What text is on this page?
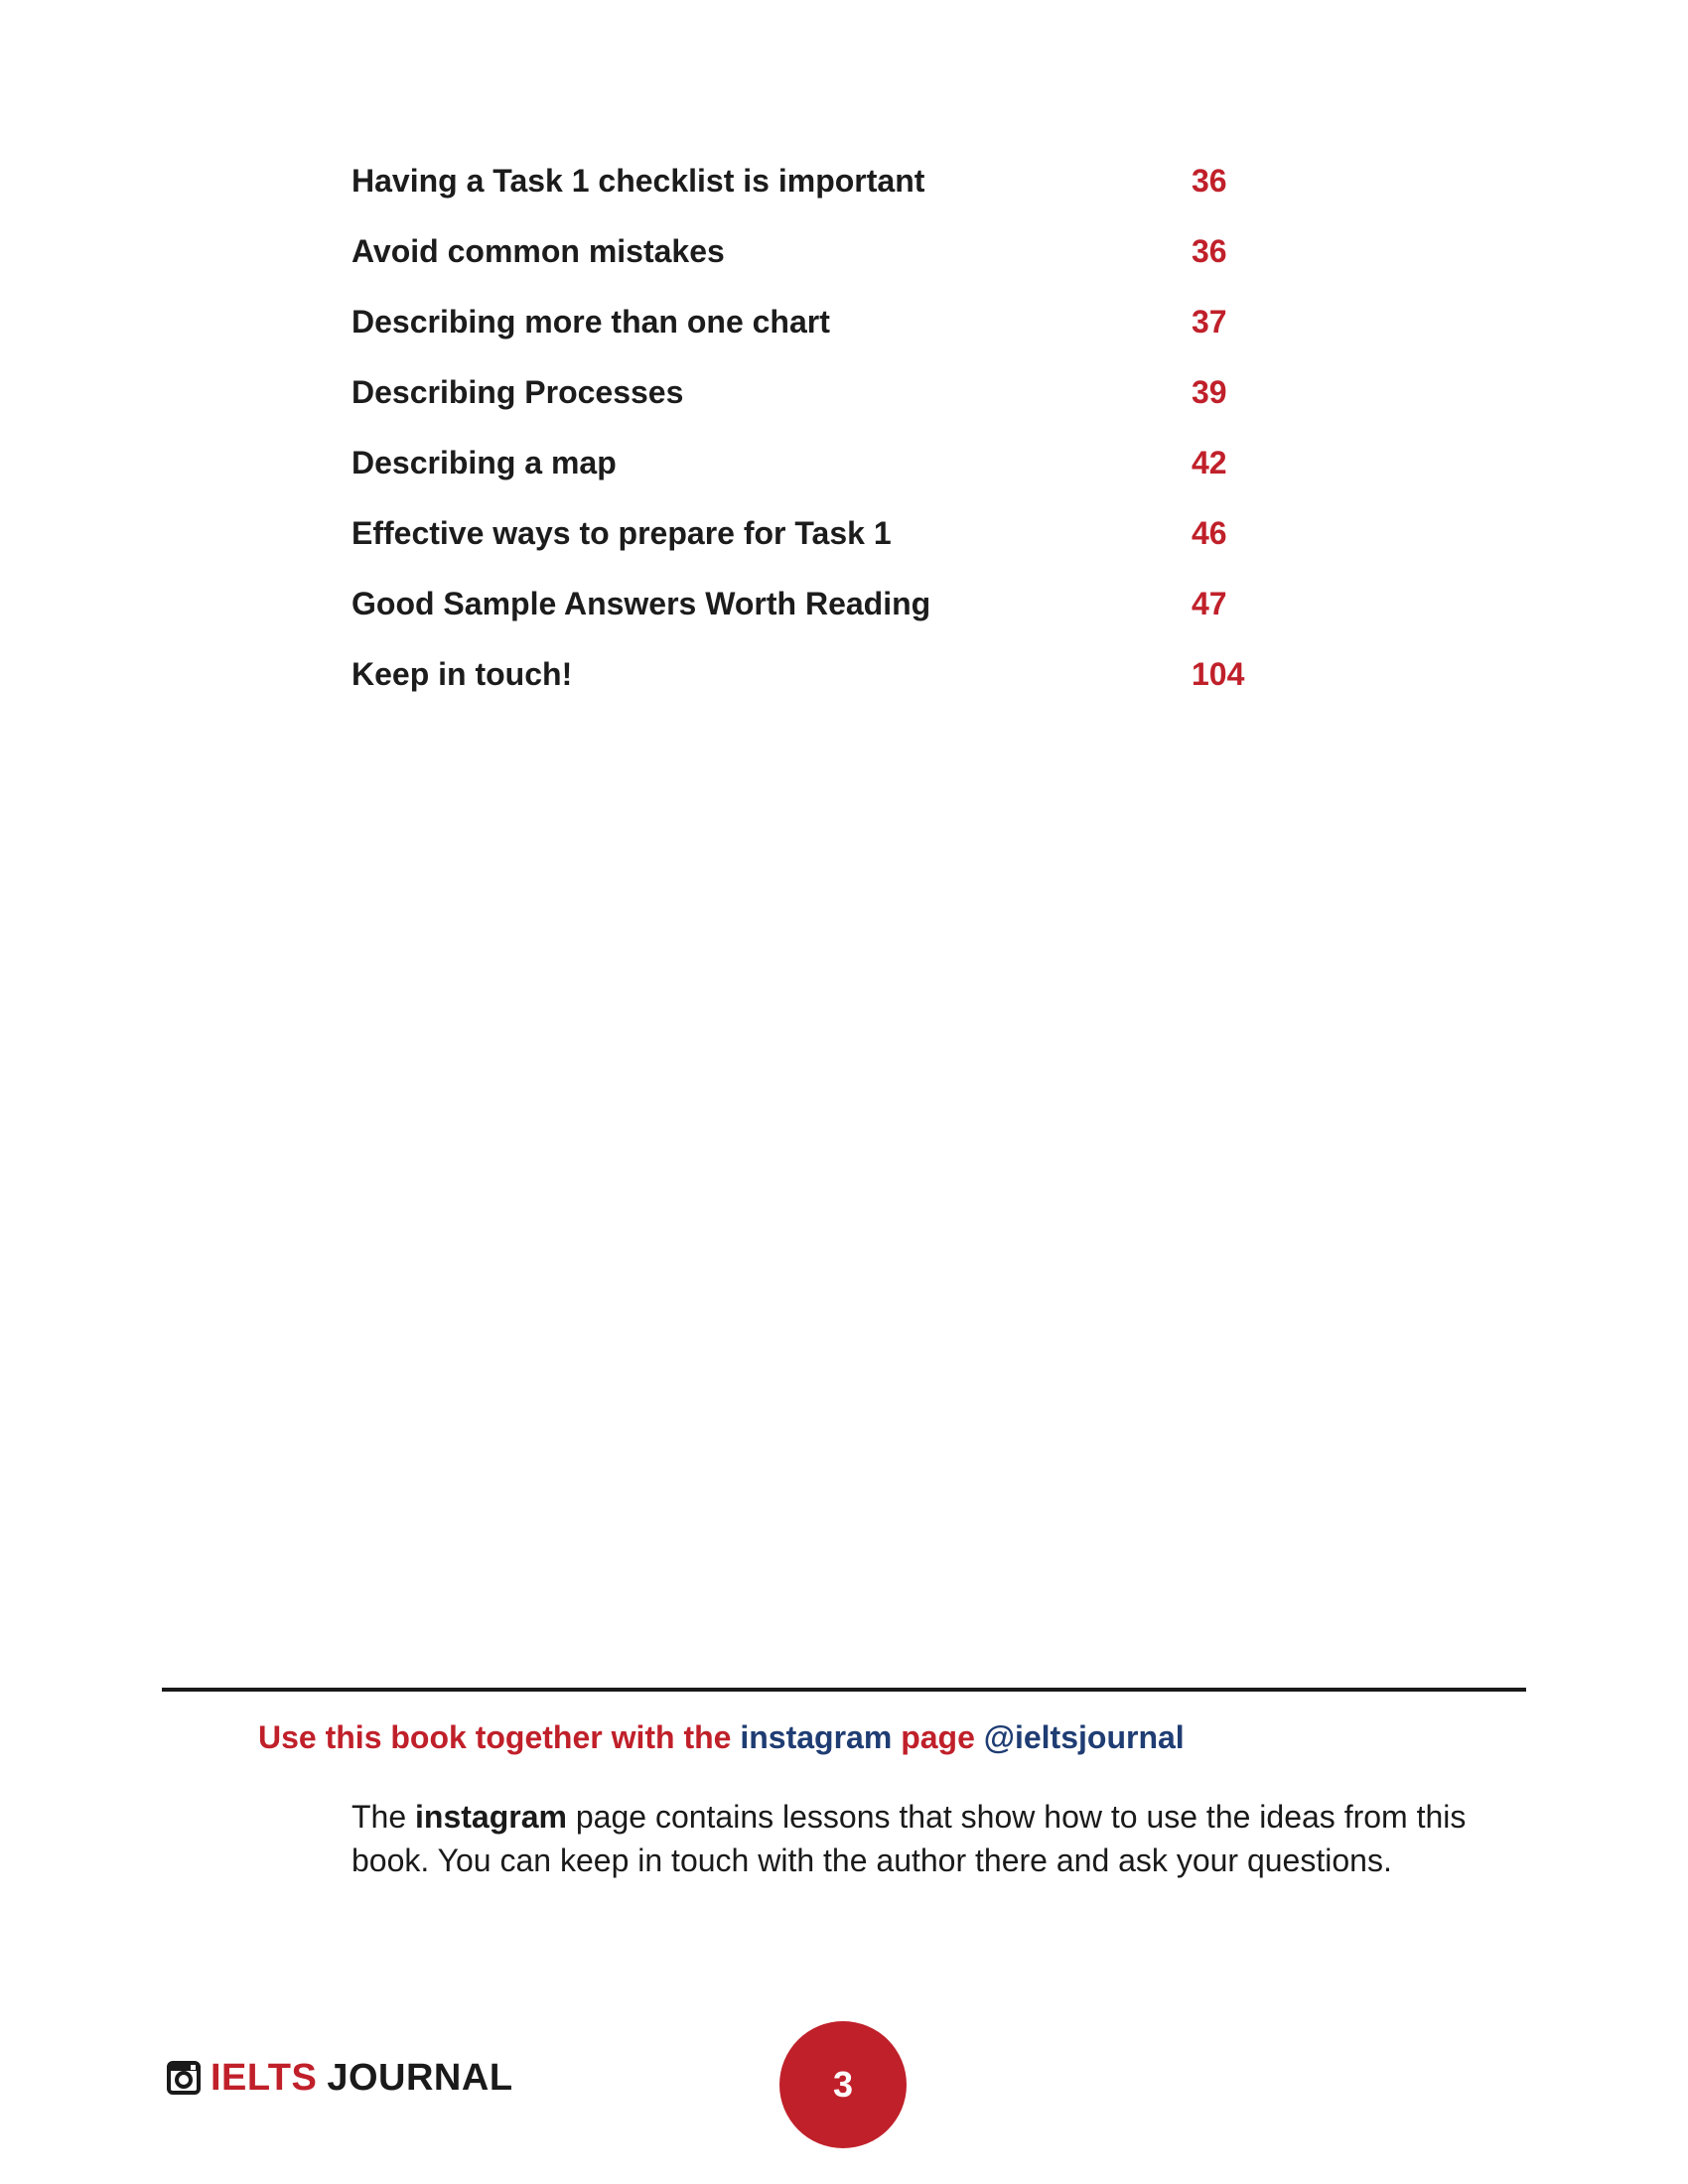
Having a Task 1 checklist is important	36
Avoid common mistakes	36
Describing more than one chart	37
Describing Processes	39
Describing a map	42
Effective ways to prepare for Task 1	46
Good Sample Answers Worth Reading	47
Keep in touch!	104
Use this book together with the instagram page @ieltsjournal
The instagram page contains lessons that show how to use the ideas from this book. You can keep in touch with the author there and ask your questions.
IELTS JOURNAL	3
